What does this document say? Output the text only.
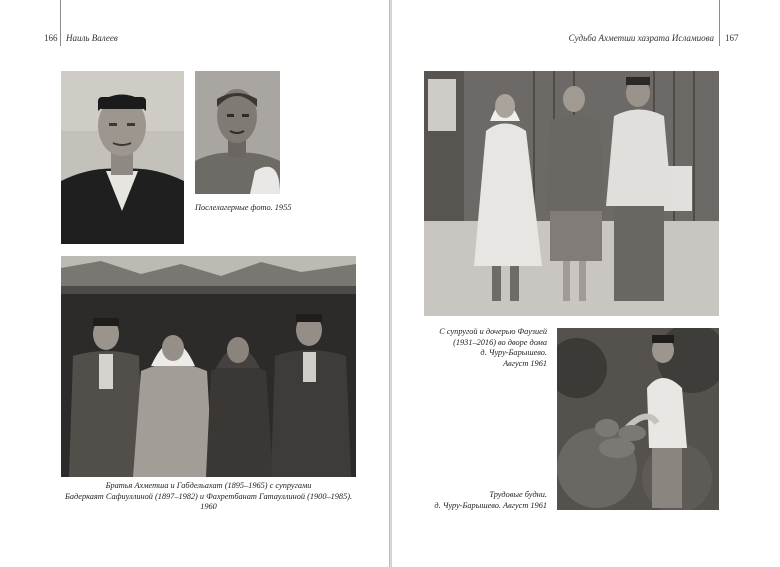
166 Наиль Валеев
Послелагерные фото. 1955
Братья Ахметша и Габдельахат (1895–1965) с супругами
Бадеркаят Сафиуллиной (1897–1982) и Фахретбанат Гатауллиной (1900–1985).
1960
Судьба Ахметши хазрата Исламиова 167
С супругой и дочерью Фаузией
(1931–2016) во дворе дома
д. Чуру-Барышево.
Август 1961
Трудовые будни.
д. Чуру-Барышево. Август 1961
